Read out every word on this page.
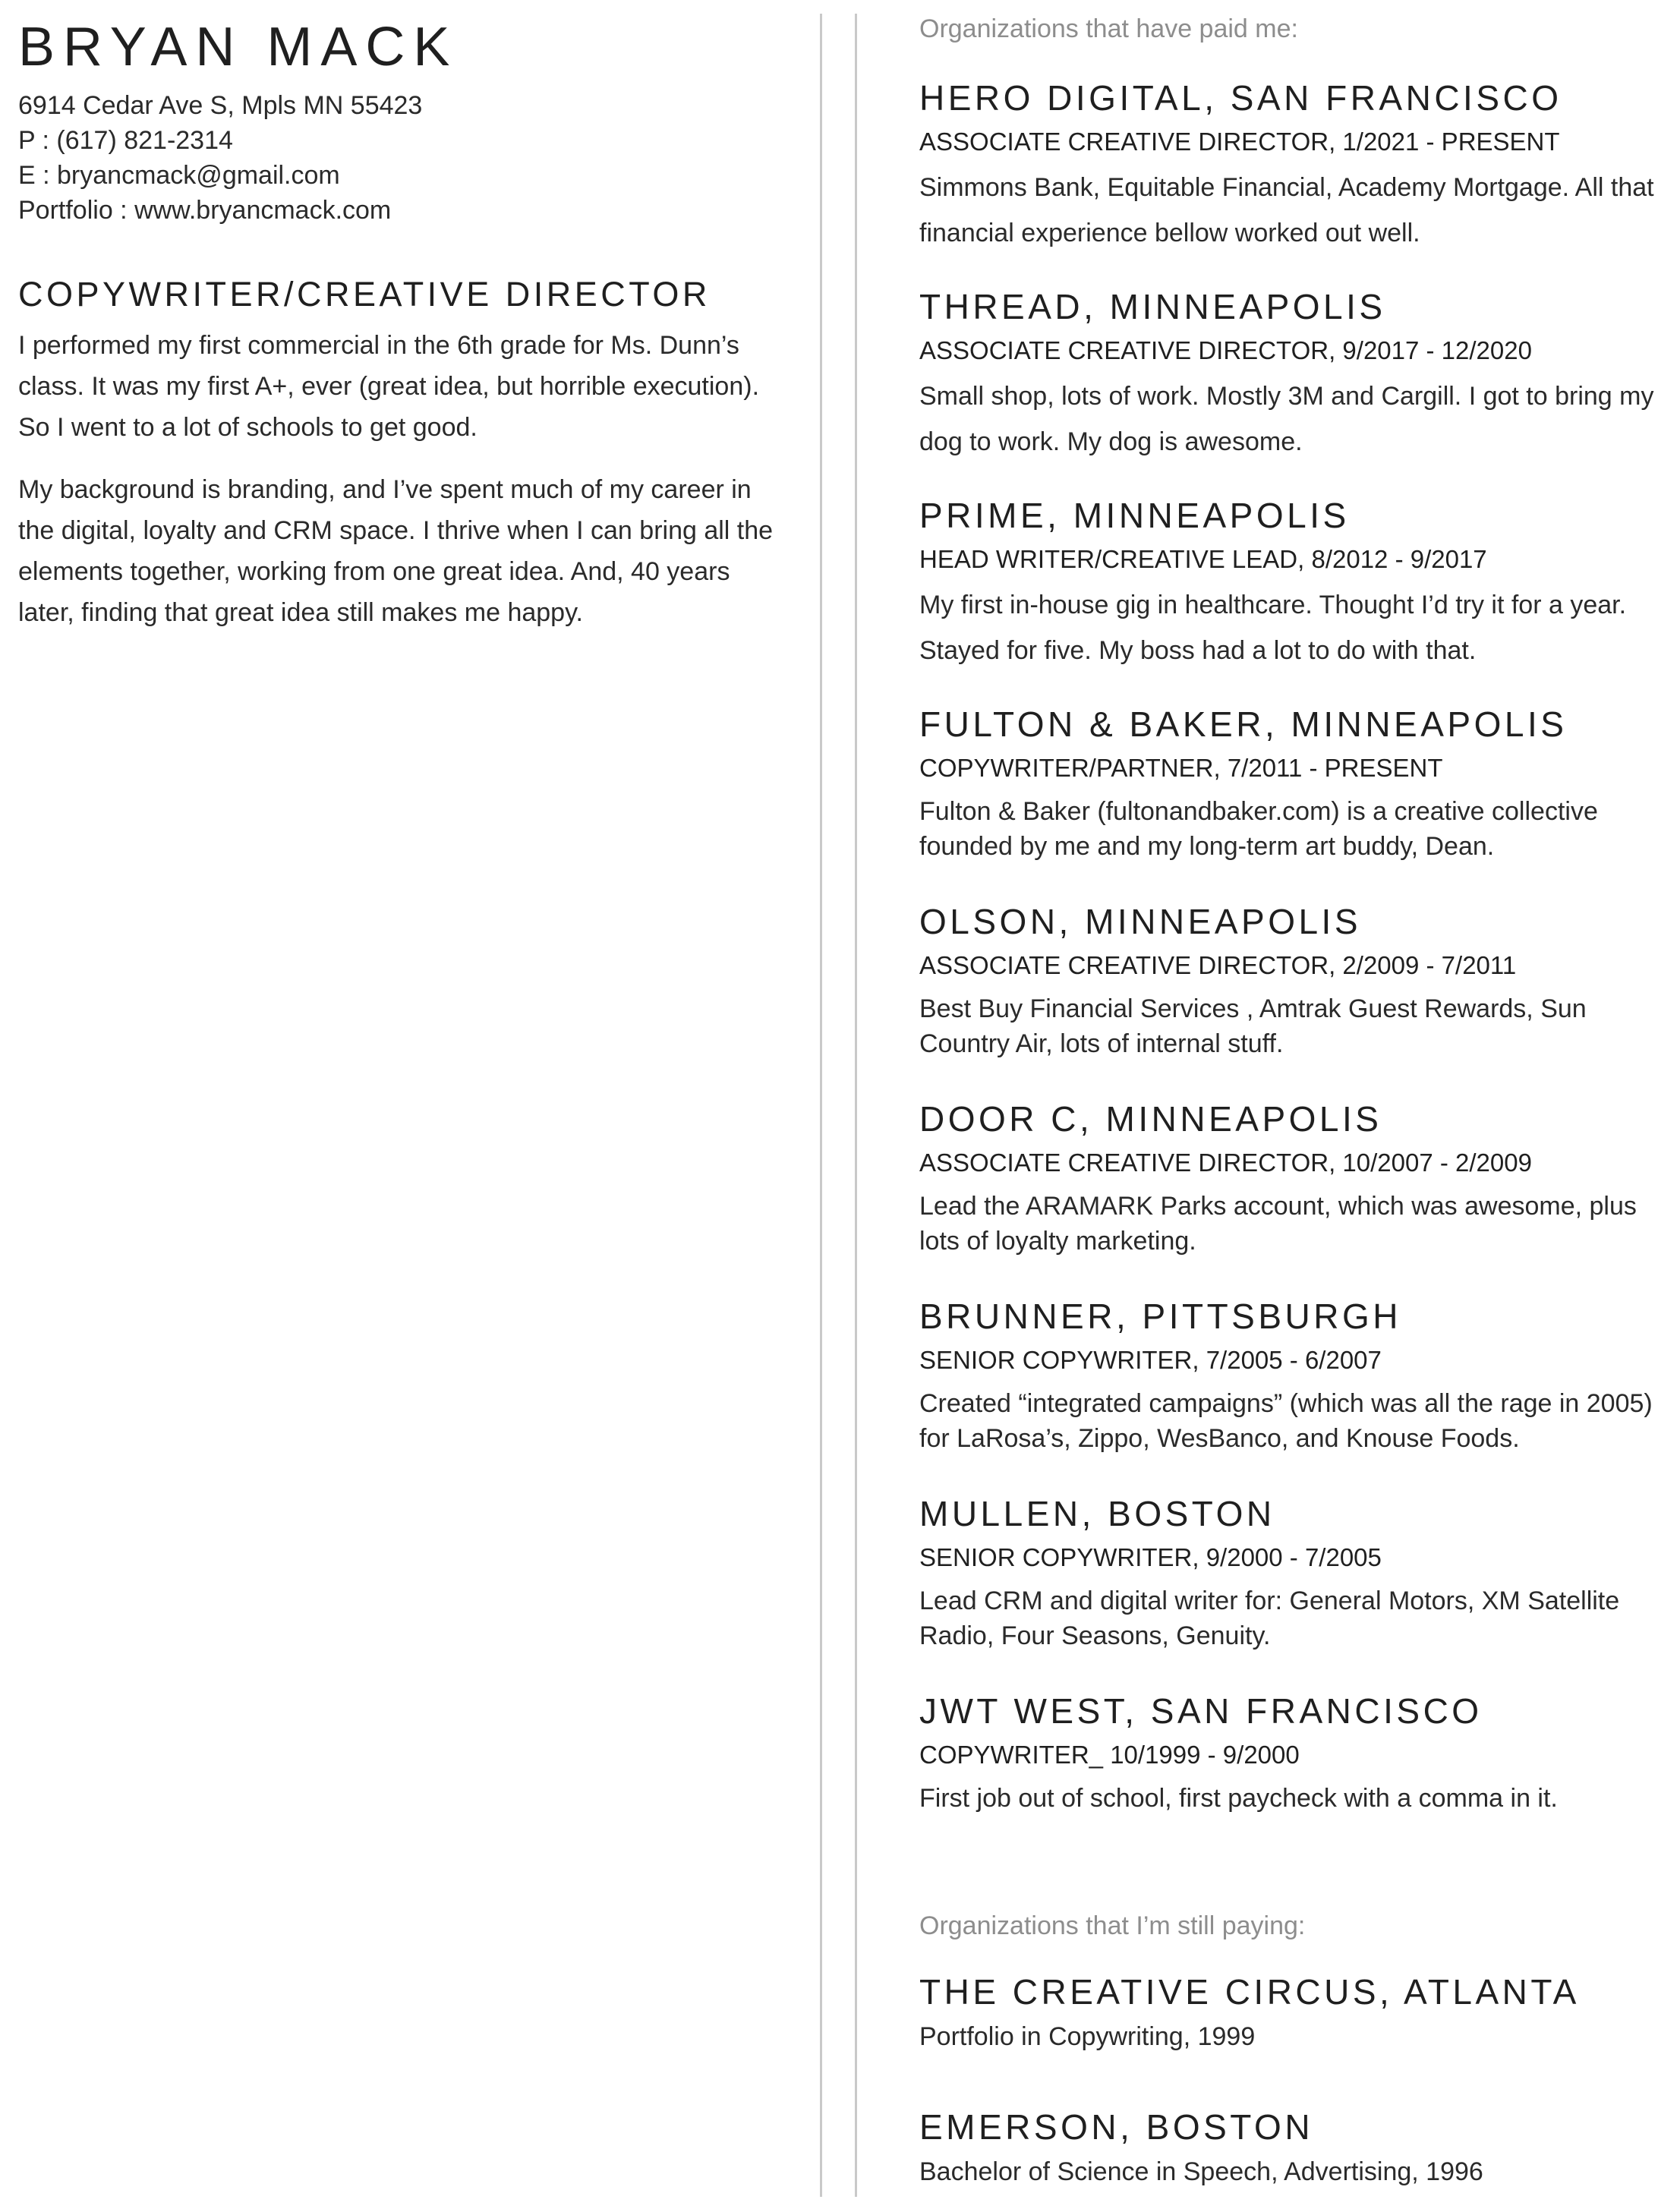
BRYAN MACK
6914 Cedar Ave S, Mpls MN 55423
P : (617) 821-2314
E : bryancmack@gmail.com
Portfolio : www.bryancmack.com
COPYWRITER/CREATIVE DIRECTOR

I performed my first commercial in the 6th grade for Ms. Dunn’s class. It was my first A+, ever (great idea, but horrible execution). So I went to a lot of schools to get good.

My background is branding, and I’ve spent much of my career in the digital, loyalty and CRM space. I thrive when I can bring all the elements together, working from one great idea. And, 40 years later, finding that great idea still makes me happy.

Organizations that have paid me:
HERO DIGITAL, SAN FRANCISCO
ASSOCIATE CREATIVE DIRECTOR, 1/2021 - PRESENT
Simmons Bank, Equitable Financial, Academy Mortgage. All that financial experience bellow worked out well.
THREAD, MINNEAPOLIS
ASSOCIATE CREATIVE DIRECTOR, 9/2017 - 12/2020
Small shop, lots of work. Mostly 3M and Cargill. I got to bring my dog to work. My dog is awesome.
PRIME, MINNEAPOLIS
HEAD WRITER/CREATIVE LEAD, 8/2012 - 9/2017
My first in-house gig in healthcare. Thought I’d try it for a year. Stayed for five. My boss had a lot to do with that.
FULTON & BAKER, MINNEAPOLIS
COPYWRITER/PARTNER, 7/2011 - PRESENT
Fulton & Baker (fultonandbaker.com) is a creative collective founded by me and my long-term art buddy, Dean.
OLSON, MINNEAPOLIS
ASSOCIATE CREATIVE DIRECTOR, 2/2009 - 7/2011
Best Buy Financial Services , Amtrak Guest Rewards, Sun Country Air, lots of internal stuff.
DOOR C, MINNEAPOLIS
ASSOCIATE CREATIVE DIRECTOR, 10/2007 - 2/2009
Lead the ARAMARK Parks account, which was awesome, plus lots of loyalty marketing.
BRUNNER, PITTSBURGH
SENIOR COPYWRITER, 7/2005 - 6/2007
Created “integrated campaigns” (which was all the rage in 2005) for LaRosa’s, Zippo, WesBanco, and Knouse Foods.
MULLEN, BOSTON
SENIOR COPYWRITER, 9/2000 - 7/2005
Lead CRM and digital writer for: General Motors, XM Satellite Radio, Four Seasons, Genuity.
JWT WEST, SAN FRANCISCO
COPYWRITER_ 10/1999 - 9/2000
First job out of school, first paycheck with a comma in it.
Organizations that I’m still paying:
THE CREATIVE CIRCUS, ATLANTA
Portfolio in Copywriting, 1999
EMERSON, BOSTON
Bachelor of Science in Speech, Advertising, 1996
